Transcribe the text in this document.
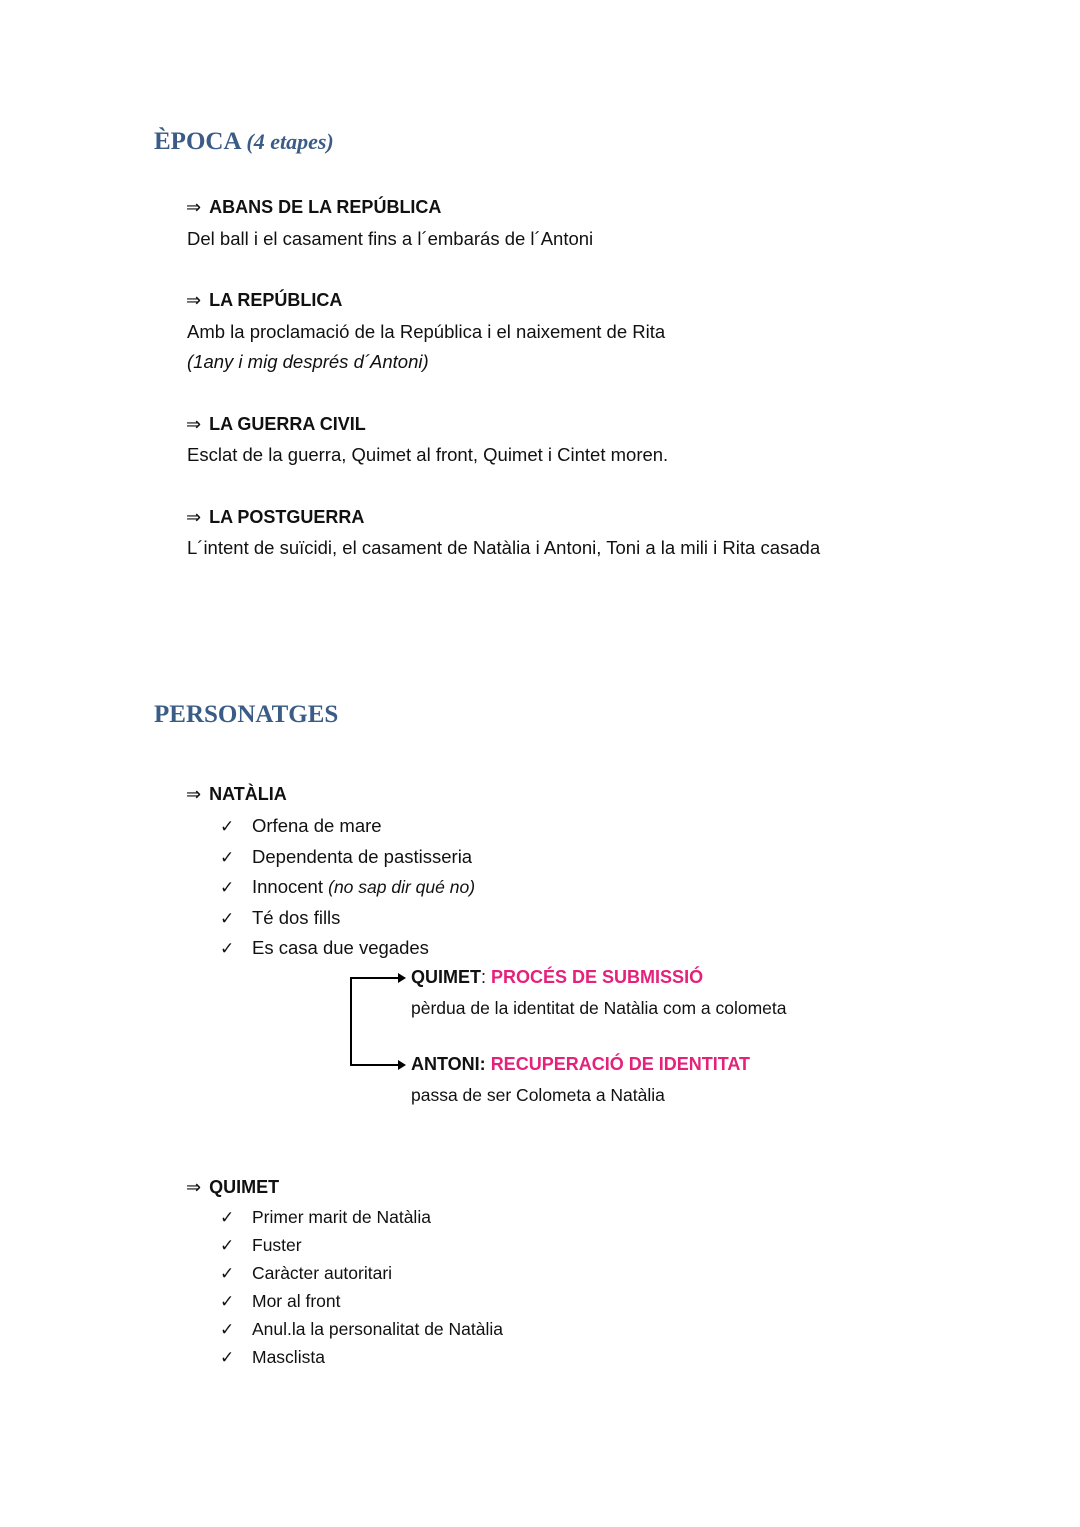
ÈPOCA (4 etapes)
⇒ ABANS DE LA REPÚBLICA
Del ball i el casament fins a l´embarás de l´Antoni
⇒ LA REPÚBLICA
Amb la proclamació de la República i el naixement de Rita
(1any i mig després d´Antoni)
⇒ LA GUERRA CIVIL
Esclat de la guerra, Quimet al front, Quimet i Cintet moren.
⇒ LA POSTGUERRA
L´intent de suïcidi, el casament de Natàlia i Antoni, Toni a la mili i Rita casada
PERSONATGES
⇒ NATÀLIA
✓ Orfena de mare
✓ Dependenta de pastisseria
✓ Innocent (no sap dir qué no)
✓ Té dos fills
✓ Es casa due vegades
QUIMET: PROCÉS DE SUBMISSIÓ
pèrdua de la identitat de Natàlia com a colometa
ANTONI: RECUPERACIÓ DE IDENTITAT
passa de ser Colometa a Natàlia
⇒ QUIMET
✓ Primer marit de Natàlia
✓ Fuster
✓ Caràcter autoritari
✓ Mor al front
✓ Anul.la la personalitat de Natàlia
✓ Masclista
